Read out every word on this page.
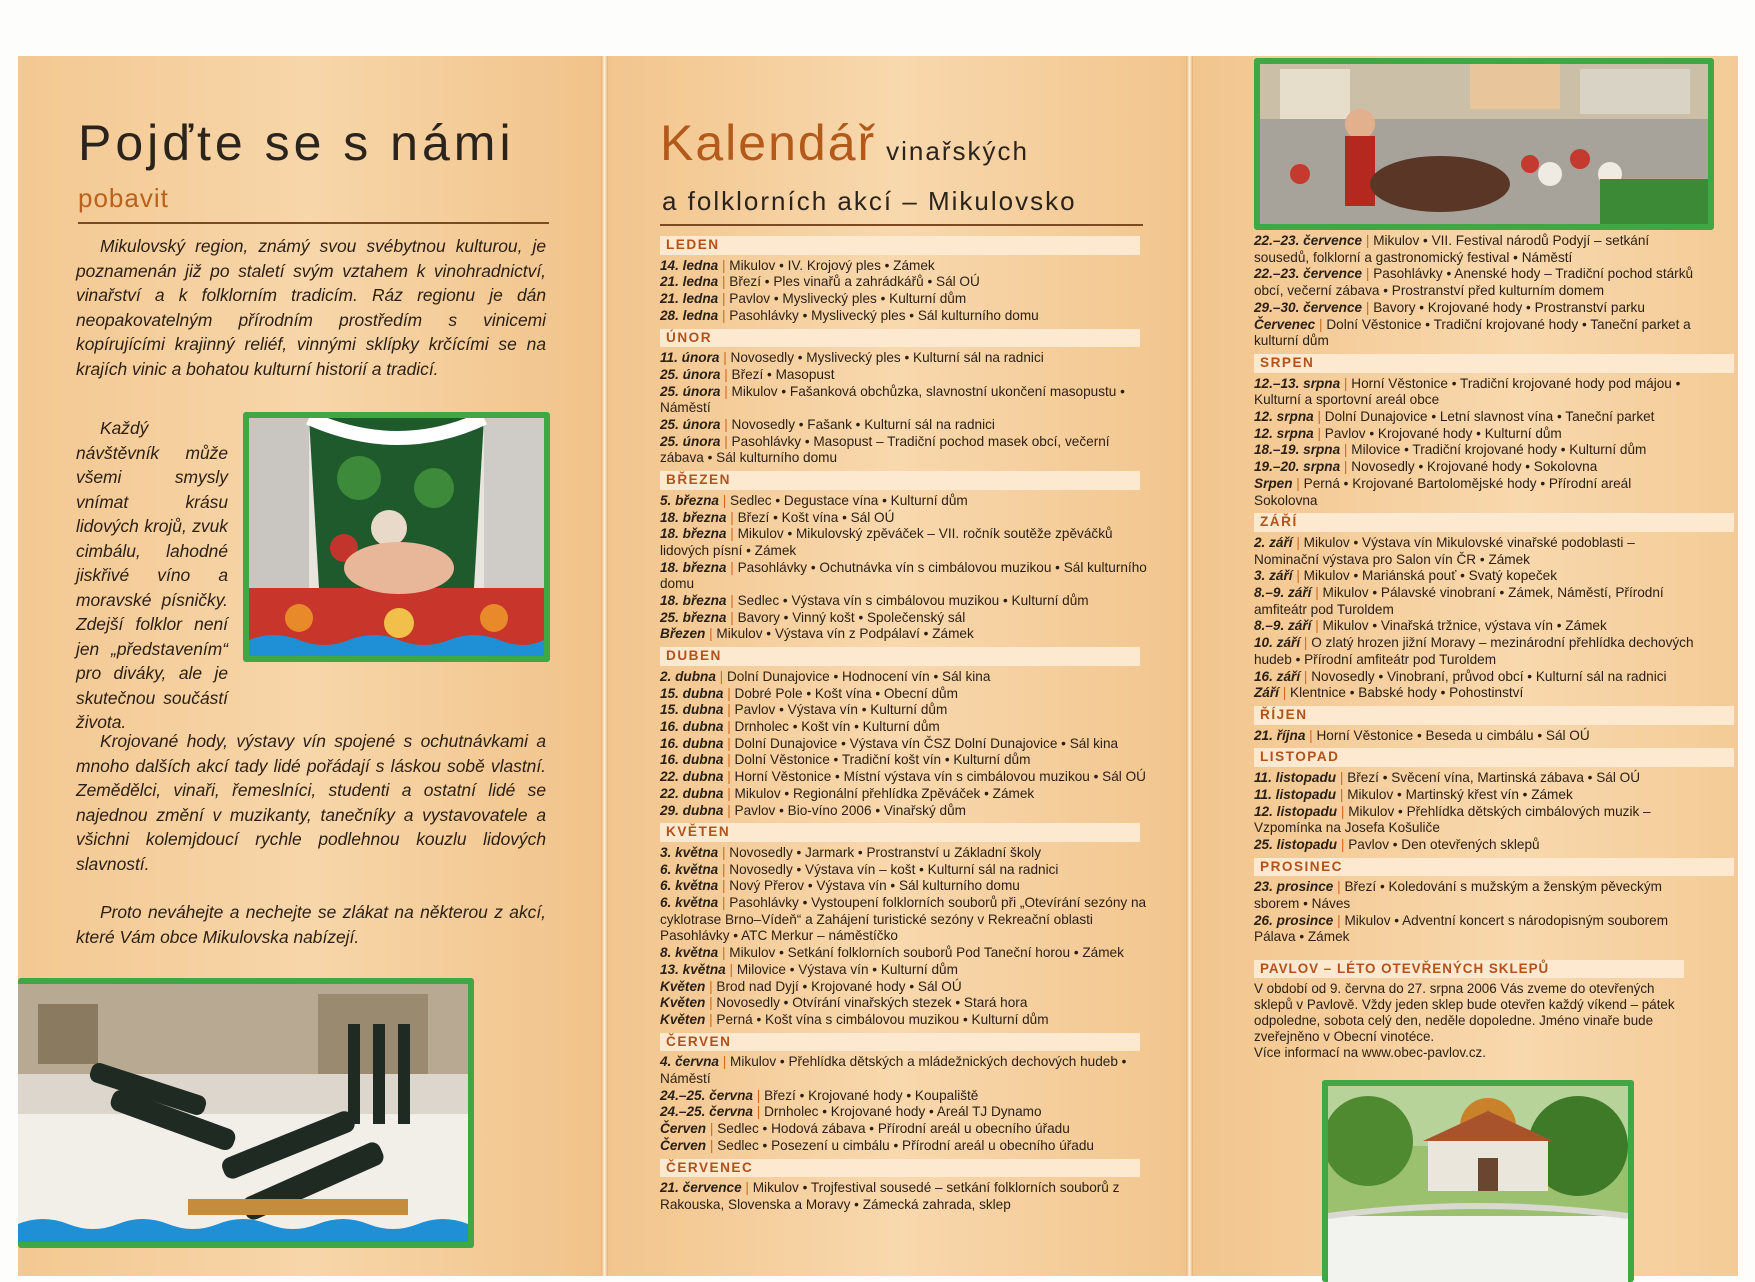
Pojďte se s námi
pobavit

Mikulovský region, známý svou svébytnou kulturou, je poznamenán již po staletí svým vztahem k vinohradnictví, vinařství a k folklorním tradicím. Ráz regionu je dán neopakovatelným přírodním prostředím s vinicemi kopírujícími krajinný reliéf, vinnými sklípky krčícími se na krajích vinic a bohatou kulturní historií a tradicí.

Každý návštěvník může všemi smysly vnímat krásu lidových krojů, zvuk cimbálu, lahodné jiskřivé víno a moravské písničky. Zdejší folklor není jen „představením“ pro diváky, ale je skutečnou součástí života.

Krojované hody, výstavy vín spojené s ochutnávkami a mnoho dalších akcí tady lidé pořádají s láskou sobě vlastní. Zemědělci, vinaři, řemeslníci, studenti a ostatní lidé se najednou změní v muzikanty, tanečníky a vystavovatele a všichni kolemjdoucí rychle podlehnou kouzlu lidových slavností.

Proto neváhejte a nechejte se zlákat na některou z akcí, které Vám obce Mikulovska nabízejí.

Kalendář vinařských
a folklorních akcí – Mikulovsko
LEDEN

14. ledna | Mikulov • IV. Krojový ples • Zámek

21. ledna | Březí • Ples vinařů a zahrádkářů • Sál OÚ

21. ledna | Pavlov • Myslivecký ples • Kulturní dům

28. ledna | Pasohlávky • Myslivecký ples • Sál kulturního domu

ÚNOR

11. února | Novosedly • Myslivecký ples • Kulturní sál na radnici

25. února | Březí • Masopust

25. února | Mikulov • Fašanková obchůzka, slavnostní ukončení masopustu • Náměstí

25. února | Novosedly • Fašank • Kulturní sál na radnici

25. února | Pasohlávky • Masopust – Tradiční pochod masek obcí, večerní zábava • Sál kulturního domu

BŘEZEN

5. března | Sedlec • Degustace vína • Kulturní dům

18. března | Březí • Košt vína • Sál OÚ

18. března | Mikulov • Mikulovský zpěváček – VII. ročník soutěže zpěváčků lidových písní • Zámek

18. března | Pasohlávky • Ochutnávka vín s cimbálovou muzikou • Sál kulturního domu

18. března | Sedlec • Výstava vín s cimbálovou muzikou • Kulturní dům

25. března | Bavory • Vinný košt • Společenský sál

Březen | Mikulov • Výstava vín z Podpálaví • Zámek

DUBEN

2. dubna | Dolní Dunajovice • Hodnocení vín • Sál kina

15. dubna | Dobré Pole • Košt vína • Obecní dům

15. dubna | Pavlov • Výstava vín • Kulturní dům

16. dubna | Drnholec • Košt vín • Kulturní dům

16. dubna | Dolní Dunajovice • Výstava vín ČSZ Dolní Dunajovice • Sál kina

16. dubna | Dolní Věstonice • Tradiční košt vín • Kulturní dům

22. dubna | Horní Věstonice • Místní výstava vín s cimbálovou muzikou • Sál OÚ

22. dubna | Mikulov • Regionální přehlídka Zpěváček • Zámek

29. dubna | Pavlov • Bio-víno 2006 • Vinařský dům

KVĚTEN

3. května | Novosedly • Jarmark • Prostranství u Základní školy

6. května | Novosedly • Výstava vín – košt • Kulturní sál na radnici

6. května | Nový Přerov • Výstava vín • Sál kulturního domu

6. května | Pasohlávky • Vystoupení folklorních souborů při „Otevírání sezóny na cyklotrase Brno–Vídeň“ a Zahájení turistické sezóny v Rekreační oblasti Pasohlávky • ATC Merkur – náměstíčko

8. května | Mikulov • Setkání folklorních souborů Pod Taneční horou • Zámek

13. května | Milovice • Výstava vín • Kulturní dům

Květen | Brod nad Dyjí • Krojované hody • Sál OÚ

Květen | Novosedly • Otvírání vinařských stezek • Stará hora

Květen | Perná • Košt vína s cimbálovou muzikou • Kulturní dům

ČERVEN

4. června | Mikulov • Přehlídka dětských a mládežnických dechových hudeb • Náměstí

24.–25. června | Březí • Krojované hody • Koupaliště

24.–25. června | Drnholec • Krojované hody • Areál TJ Dynamo

Červen | Sedlec • Hodová zábava • Přírodní areál u obecního úřadu

Červen | Sedlec • Posezení u cimbálu • Přírodní areál u obecního úřadu

ČERVENEC

21. července | Mikulov • Trojfestival sousedé – setkání folklorních souborů z Rakouska, Slovenska a Moravy • Zámecká zahrada, sklep

22.–23. července | Mikulov • VII. Festival národů Podyjí – setkání sousedů, folklorní a gastronomický festival • Náměstí

22.–23. července | Pasohlávky • Anenské hody – Tradiční pochod stárků obcí, večerní zábava • Prostranství před kulturním domem

29.–30. července | Bavory • Krojované hody • Prostranství parku

Červenec | Dolní Věstonice • Tradiční krojované hody • Taneční parket a kulturní dům

SRPEN

12.–13. srpna | Horní Věstonice • Tradiční krojované hody pod májou • Kulturní a sportovní areál obce

12. srpna | Dolní Dunajovice • Letní slavnost vína • Taneční parket

12. srpna | Pavlov • Krojované hody • Kulturní dům

18.–19. srpna | Milovice • Tradiční krojované hody • Kulturní dům

19.–20. srpna | Novosedly • Krojované hody • Sokolovna

Srpen | Perná • Krojované Bartolomějské hody • Přírodní areál Sokolovna

ZÁŘÍ

2. září | Mikulov • Výstava vín Mikulovské vinařské podoblasti – Nominační výstava pro Salon vín ČR • Zámek

3. září | Mikulov • Mariánská pouť • Svatý kopeček

8.–9. září | Mikulov • Pálavské vinobraní • Zámek, Náměstí, Přírodní amfiteátr pod Turoldem

8.–9. září | Mikulov • Vinařská tržnice, výstava vín • Zámek

10. září | O zlatý hrozen jižní Moravy – mezinárodní přehlídka dechových hudeb • Přírodní amfiteátr pod Turoldem

16. září | Novosedly • Vinobraní, průvod obcí • Kulturní sál na radnici

Září | Klentnice • Babské hody • Pohostinství

ŘÍJEN

21. října | Horní Věstonice • Beseda u cimbálu • Sál OÚ

LISTOPAD

11. listopadu | Březí • Svěcení vína, Martinská zábava • Sál OÚ

11. listopadu | Mikulov • Martinský křest vín • Zámek

12. listopadu | Mikulov • Přehlídka dětských cimbálových muzik – Vzpomínka na Josefa Košuliče

25. listopadu | Pavlov • Den otevřených sklepů

PROSINEC

23. prosince | Březí • Koledování s mužským a ženským pěveckým sborem • Náves

26. prosince | Mikulov • Adventní koncert s národopisným souborem Pálava • Zámek

PAVLOV – LÉTO OTEVŘENÝCH SKLEPŮ
V období od 9. června do 27. srpna 2006 Vás zveme do otevřených sklepů v Pavlově. Vždy jeden sklep bude otevřen každý víkend – pátek odpoledne, sobota celý den, neděle dopoledne. Jméno vinaře bude zveřejněno v Obecní vinotéce.
Více informací na www.obec-pavlov.cz.
